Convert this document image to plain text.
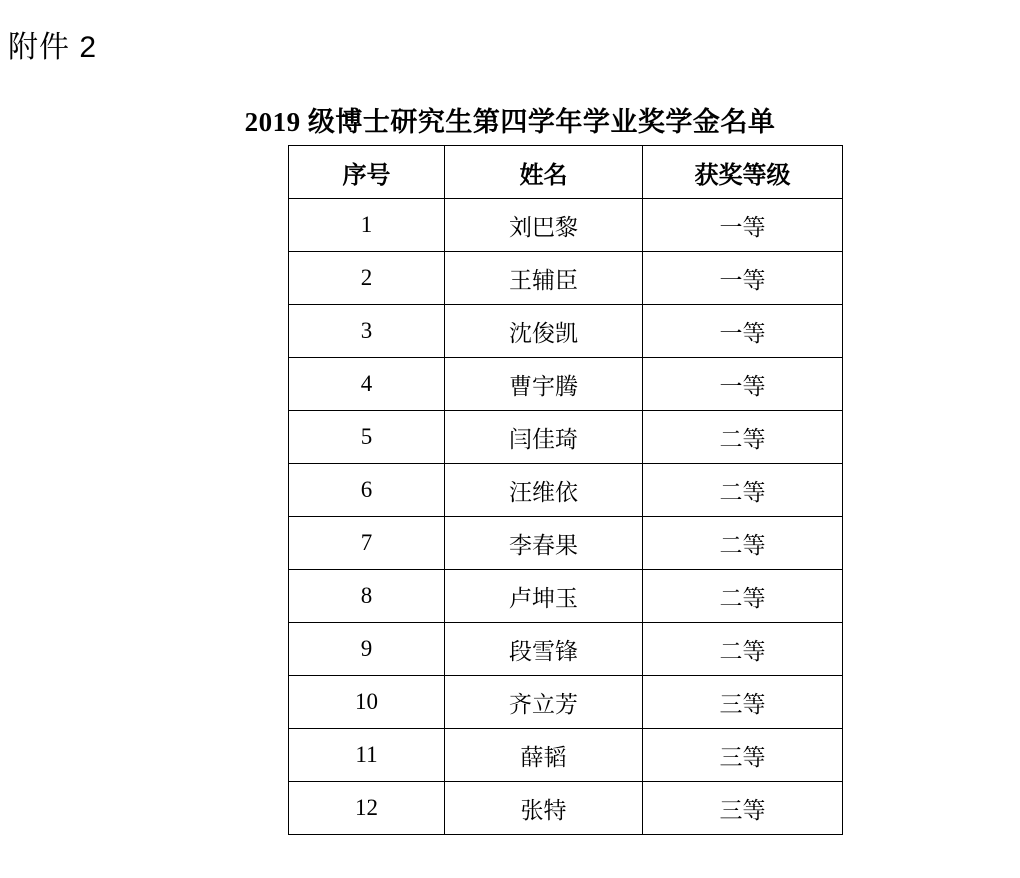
附件 2
2019 级博士研究生第四学年学业奖学金名单
序号	姓名	获奖等级
1	刘巴黎	一等
2	王辅臣	一等
3	沈俊凯	一等
4	曹宇腾	一等
5	闫佳琦	二等
6	汪维依	二等
7	李春果	二等
8	卢坤玉	二等
9	段雪锋	二等
10	齐立芳	三等
11	薛韬	三等
12	张特	三等
